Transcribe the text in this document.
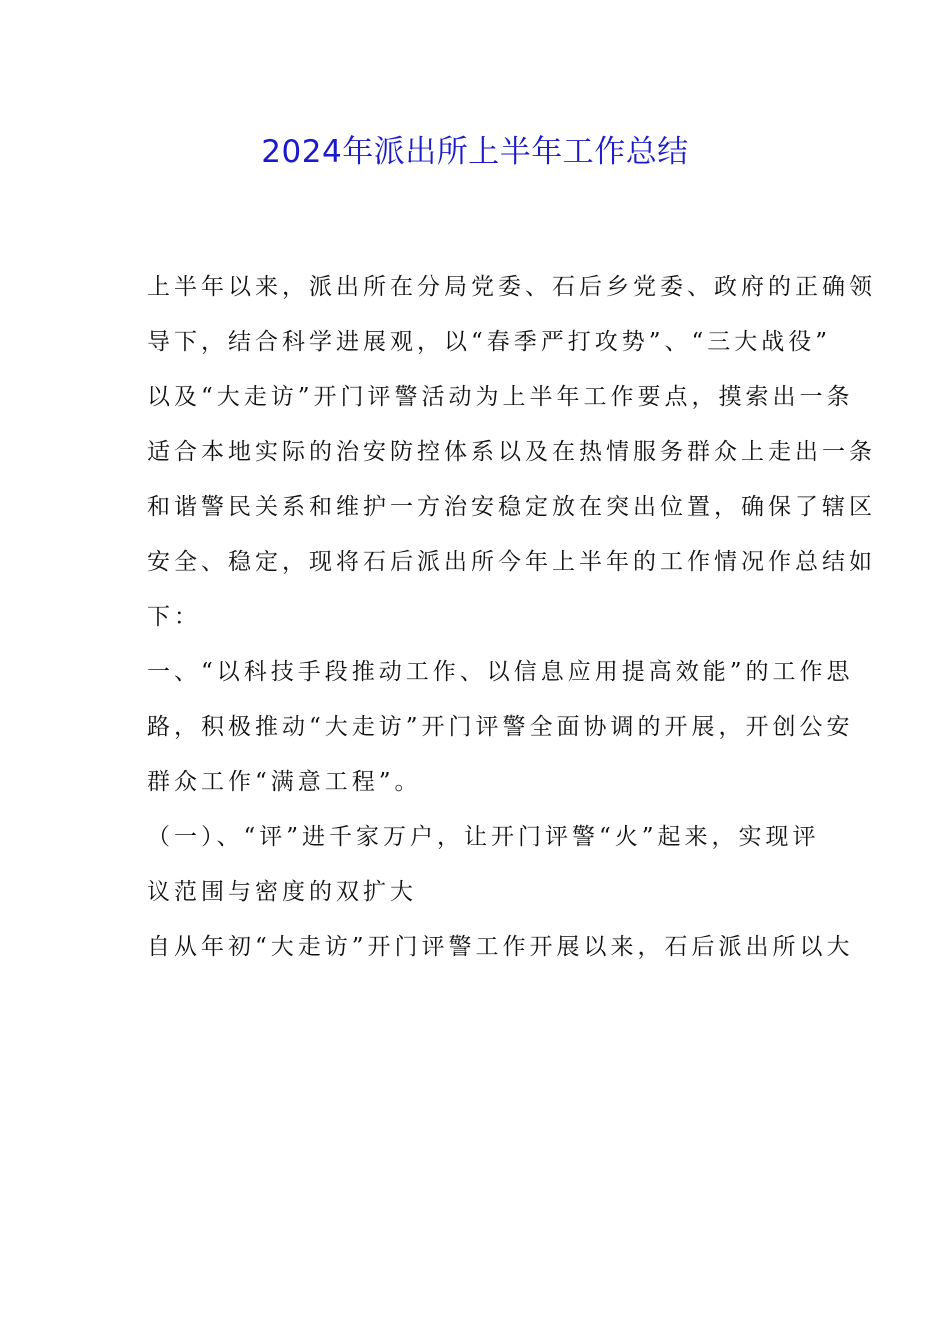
2024年派出所上半年工作总结
上半年以来，派出所在分局党委、石后乡党委、政府的正确领
导下，结合科学进展观，以“春季严打攻势”、“三大战役”
以及“大走访”开门评警活动为上半年工作要点，摸索出一条
适合本地实际的治安防控体系以及在热情服务群众上走出一条
和谐警民关系和维护一方治安稳定放在突出位置，确保了辖区
安全、稳定，现将石后派出所今年上半年的工作情况作总结如
下：
一、“以科技手段推动工作、以信息应用提高效能”的工作思
路，积极推动“大走访”开门评警全面协调的开展，开创公安
群众工作“满意工程”。
（一）、“评”进千家万户，让开门评警“火”起来，实现评
议范围与密度的双扩大
自从年初“大走访”开门评警工作开展以来，石后派出所以大
